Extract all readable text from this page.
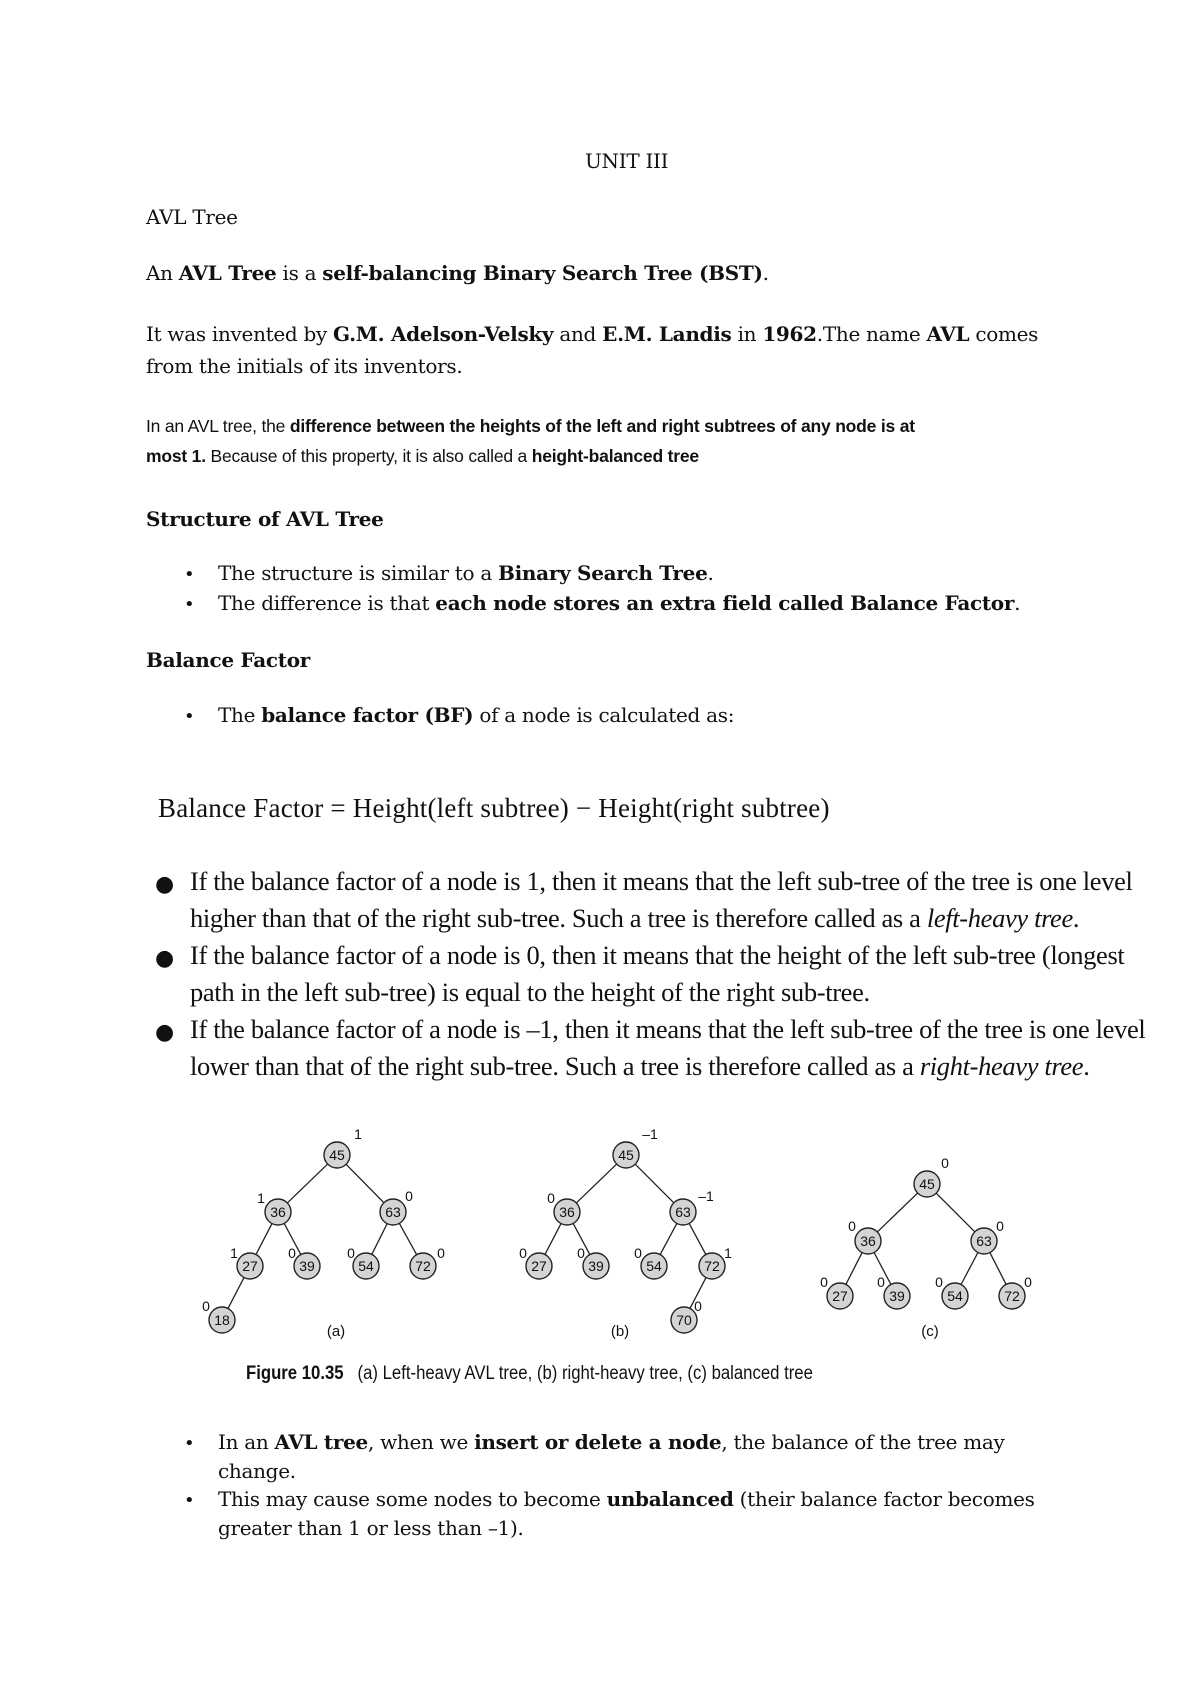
UNIT III
AVL Tree
An AVL Tree is a self-balancing Binary Search Tree (BST).
It was invented by G.M. Adelson-Velsky and E.M. Landis in 1962.The name AVL comes
from the initials of its inventors.
In an AVL tree, the difference between the heights of the left and right subtrees of any node is at
most 1. Because of this property, it is also called a height-balanced tree
Structure of AVL Tree
• The structure is similar to a Binary Search Tree.
• The difference is that each node stores an extra field called Balance Factor.
Balance Factor
• The balance factor (BF) of a node is calculated as:
Balance Factor = Height(left subtree) − Height(right subtree)
● If the balance factor of a node is 1, then it means that the left sub-tree of the tree is one level
higher than that of the right sub-tree. Such a tree is therefore called as a left-heavy tree.
● If the balance factor of a node is 0, then it means that the height of the left sub-tree (longest
path in the left sub-tree) is equal to the height of the right sub-tree.
● If the balance factor of a node is –1, then it means that the left sub-tree of the tree is one level
lower than that of the right sub-tree. Such a tree is therefore called as a right-heavy tree.
45
1
36
1
63
0
27
1
39
0
54
0
72
0
18
0
(a)
45
–1
36
0
63
–1
27
0
39
0
54
0
72
1
70
0
(b)
45
0
36
0
63
0
27
0
39
0
54
0
72
0
(c)
Figure 10.35 (a) Left-heavy AVL tree, (b) right-heavy tree, (c) balanced tree
• In an AVL tree, when we insert or delete a node, the balance of the tree may
change.
• This may cause some nodes to become unbalanced (their balance factor becomes
greater than 1 or less than –1).
